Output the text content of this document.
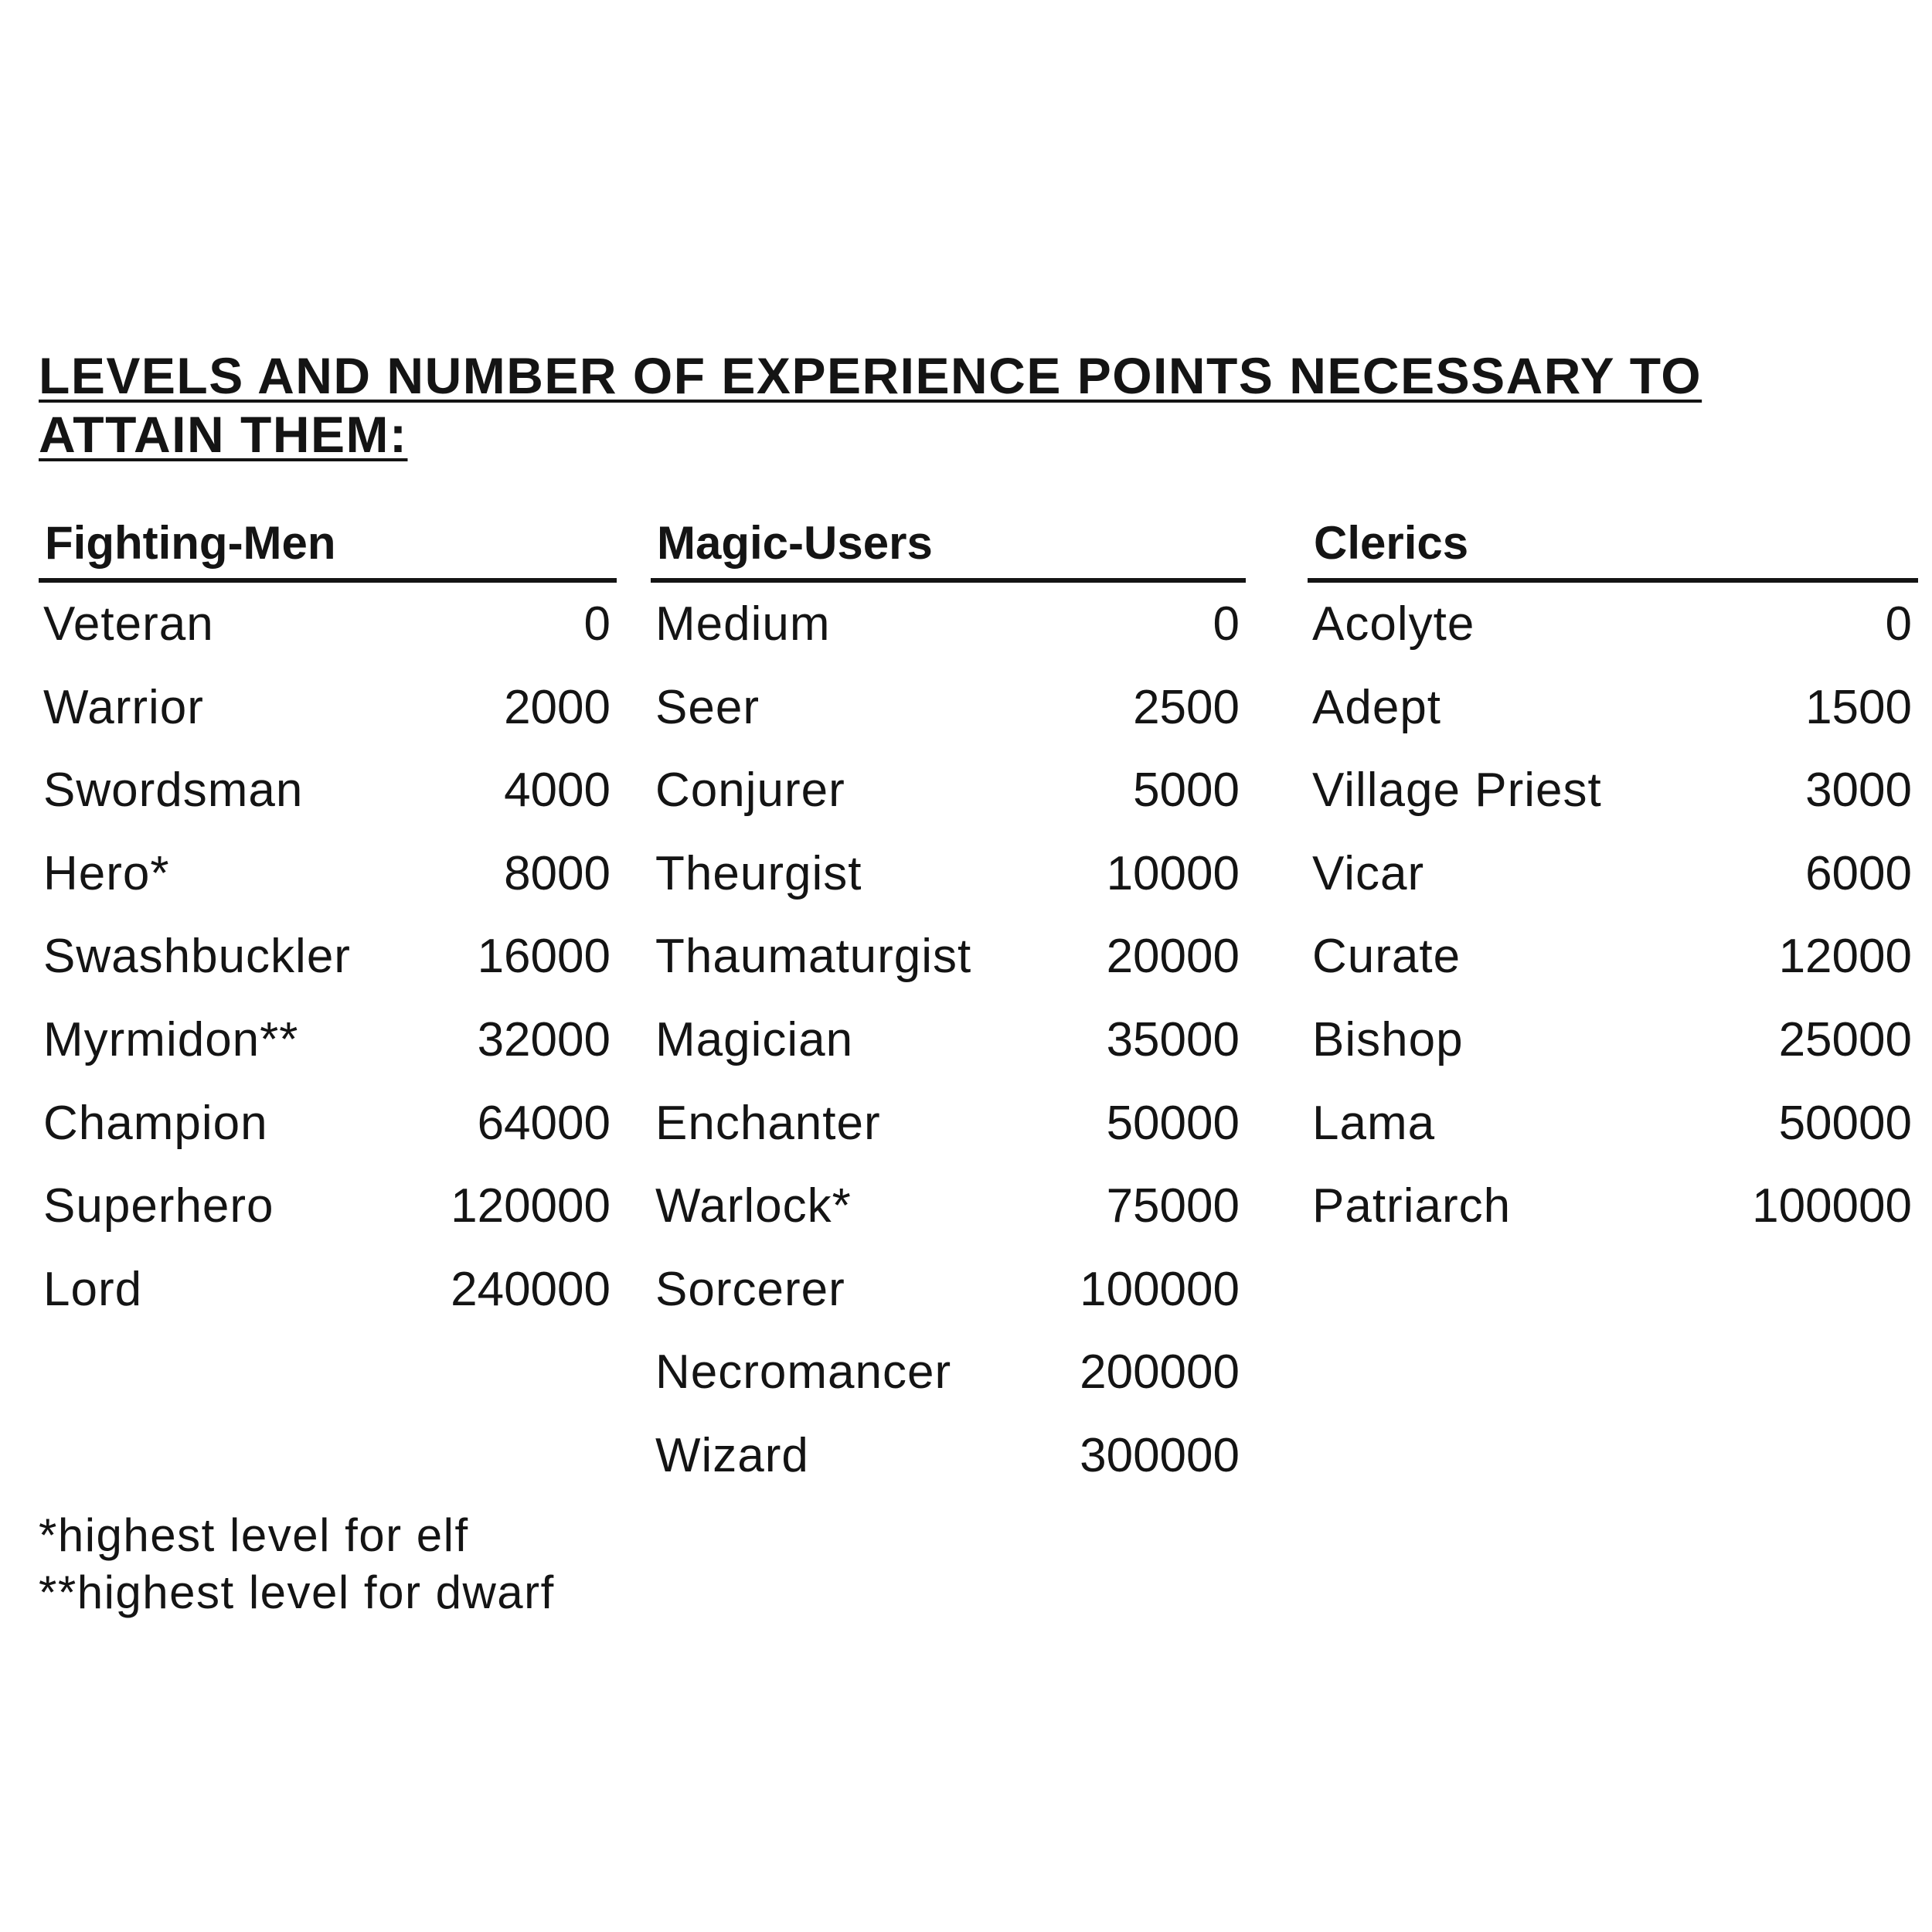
LEVELS AND NUMBER OF EXPERIENCE POINTS NECESSARY TO
ATTAIN THEM:
Fighting-Men
Veteran	0
Warrior	2000
Swordsman	4000
Hero*	8000
Swashbuckler	16000
Myrmidon**	32000
Champion	64000
Superhero	120000
Lord	240000
Magic-Users
Medium	0
Seer	2500
Conjurer	5000
Theurgist	10000
Thaumaturgist	20000
Magician	35000
Enchanter	50000
Warlock*	75000
Sorcerer	100000
Necromancer	200000
Wizard	300000
Clerics
Acolyte	0
Adept	1500
Village Priest	3000
Vicar	6000
Curate	12000
Bishop	25000
Lama	50000
Patriarch	100000
*highest level for elf
**highest level for dwarf
